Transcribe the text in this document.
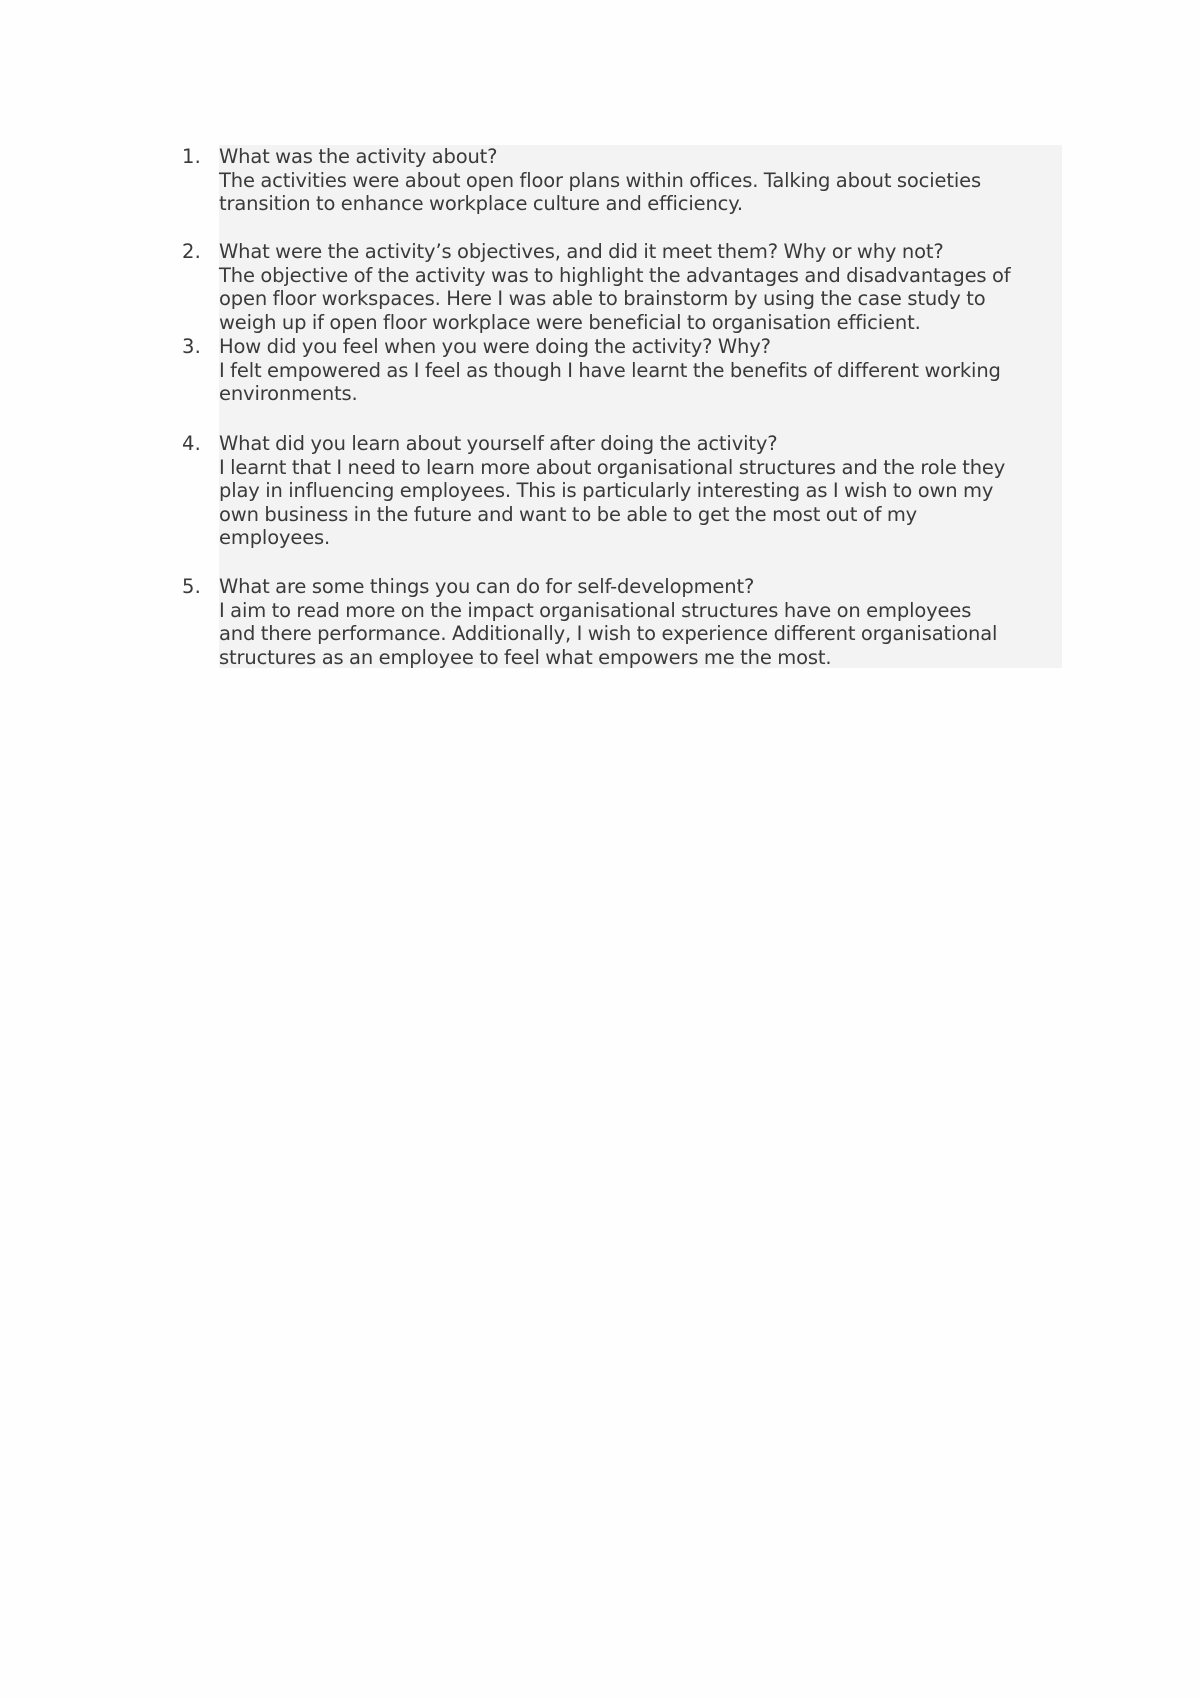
1. What was the activity about?
The activities were about open floor plans within offices. Talking about societies
transition to enhance workplace culture and efficiency.
2. What were the activity’s objectives, and did it meet them? Why or why not?
The objective of the activity was to highlight the advantages and disadvantages of
open floor workspaces. Here I was able to brainstorm by using the case study to
weigh up if open floor workplace were beneficial to organisation efficient.
3. How did you feel when you were doing the activity? Why?
I felt empowered as I feel as though I have learnt the benefits of different working
environments.
4. What did you learn about yourself after doing the activity?
I learnt that I need to learn more about organisational structures and the role they
play in influencing employees. This is particularly interesting as I wish to own my
own business in the future and want to be able to get the most out of my
employees.
5. What are some things you can do for self-development?
I aim to read more on the impact organisational structures have on employees
and there performance. Additionally, I wish to experience different organisational
structures as an employee to feel what empowers me the most.
